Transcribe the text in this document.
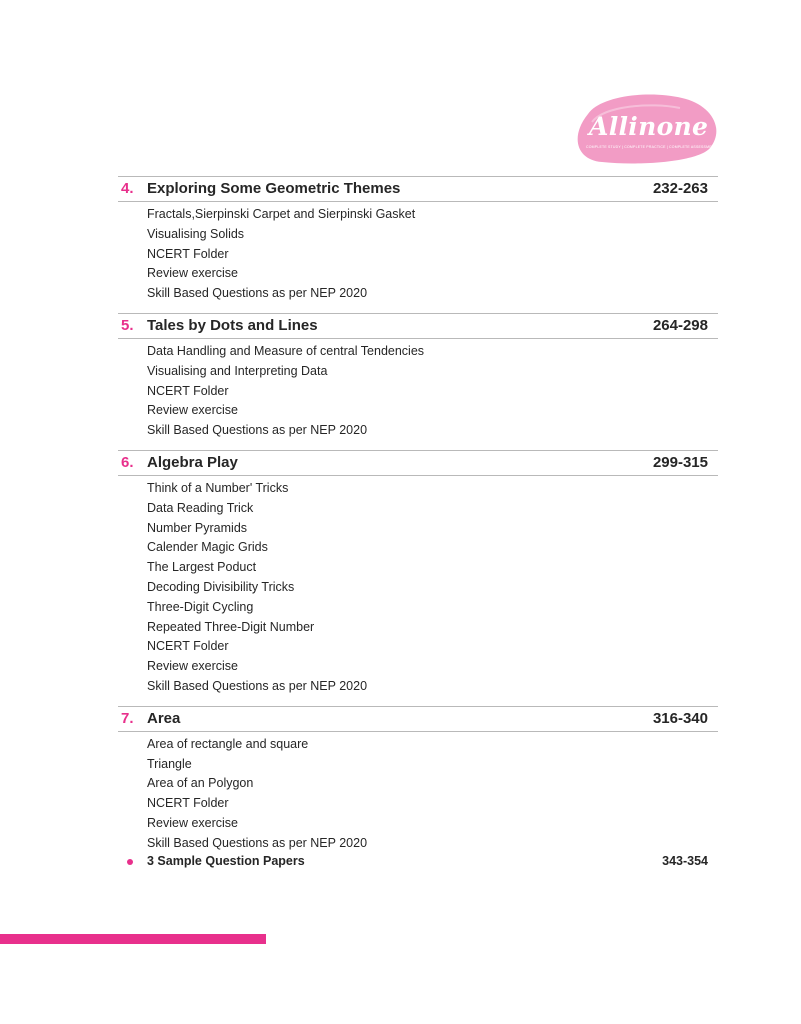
Allinone
COMPLETE STUDY | COMPLETE PRACTICE | COMPLETE ASSESSMENT
4. Exploring Some Geometric Themes	232-263
Fractals,Sierpinski Carpet and Sierpinski Gasket
Visualising Solids
NCERT Folder
Review exercise
Skill Based Questions as per NEP 2020
5. Tales by Dots and Lines	264-298
Data Handling and Measure of central Tendencies
Visualising and Interpreting Data
NCERT Folder
Review exercise
Skill Based Questions as per NEP 2020
6. Algebra Play	299-315
Think of a Number' Tricks
Data Reading Trick
Number Pyramids
Calender Magic Grids
The Largest Poduct
Decoding Divisibility Tricks
Three-Digit Cycling
Repeated Three-Digit Number
NCERT Folder
Review exercise
Skill Based Questions as per NEP 2020
7. Area	316-340
Area of rectangle and square
Triangle
Area of an Polygon
NCERT Folder
Review exercise
Skill Based Questions as per NEP 2020
3 Sample Question Papers	343-354
